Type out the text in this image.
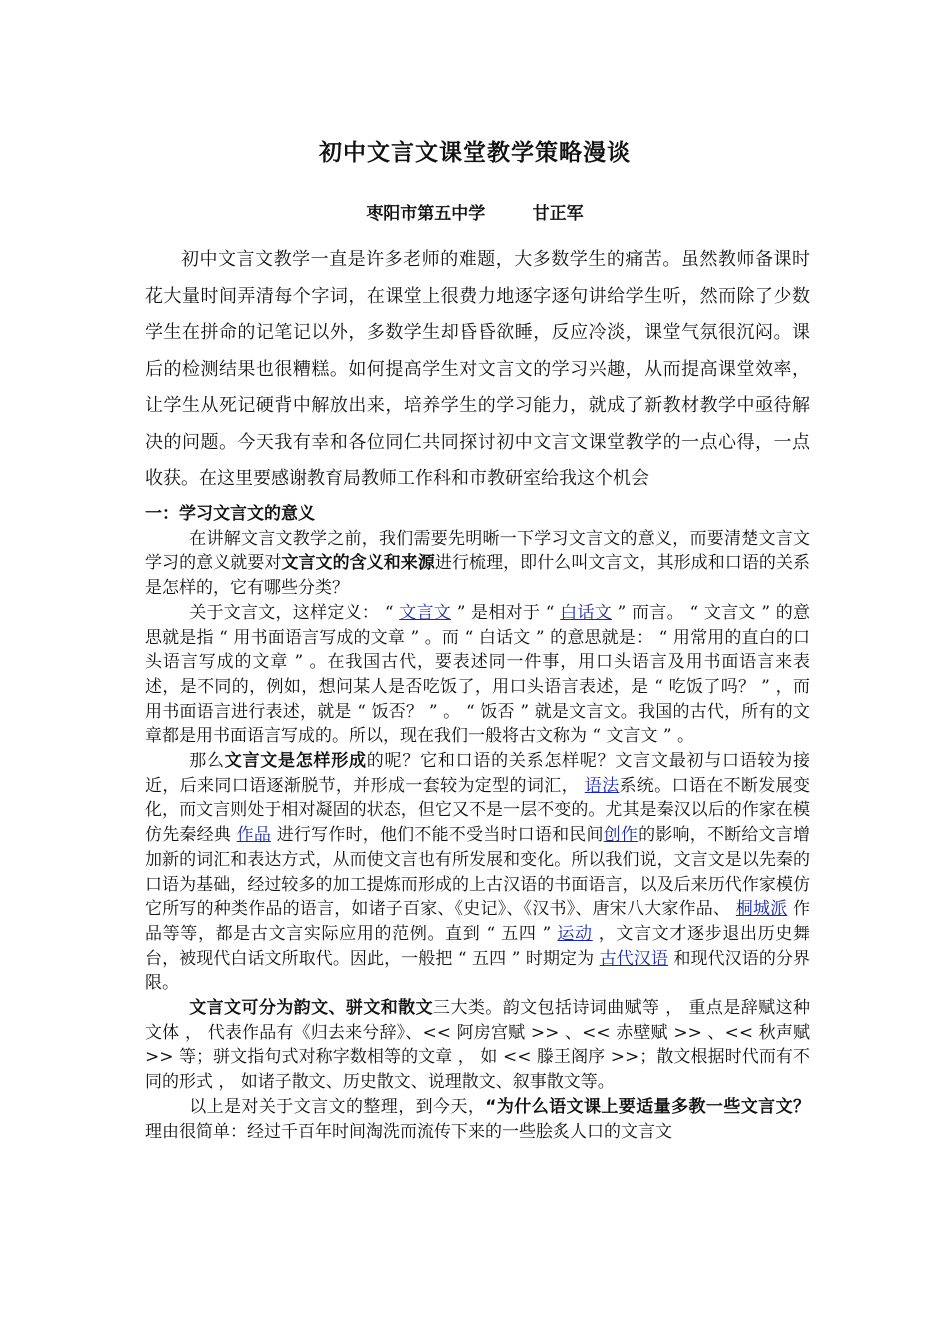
初中文言文课堂教学策略漫谈
枣阳市第五中学        甘正军
初中文言文教学一直是许多老师的难题，大多数学生的痛苦。虽然教师备课时花大量时间弄清每个字词，在课堂上很费力地逐字逐句讲给学生听，然而除了少数学生在拼命的记笔记以外，多数学生却昏昏欲睡，反应冷淡，课堂气氛很沉闷。课后的检测结果也很糟糕。如何提高学生对文言文的学习兴趣，从而提高课堂效率，让学生从死记硬背中解放出来，培养学生的学习能力，就成了新教材教学中亟待解决的问题。今天我有幸和各位同仁共同探讨初中文言文课堂教学的一点心得，一点收获。在这里要感谢教育局教师工作科和市教研室给我这个机会
一：学习文言文的意义
在讲解文言文教学之前，我们需要先明晰一下学习文言文的意义，而要清楚文言文学习的意义就要对文言文的含义和来源进行梳理，即什么叫文言文，其形成和口语的关系是怎样的，它有哪些分类？
关于文言文，这样定义： “ 文言文 ” 是相对于 “ 白话文 ” 而言。 “ 文言文 ” 的意思就是指 “ 用书面语言写成的文章 ” 。而 “ 白话文 ” 的意思就是： “ 用常用的直白的口头语言写成的文章 ” 。在我国古代，要表述同一件事，用口头语言及用书面语言来表述，是不同的，例如，想问某人是否吃饭了，用口头语言表述，是 “ 吃饭了吗？ ” ，而用书面语言进行表述，就是 “ 饭否？ ” 。 “ 饭否 ” 就是文言文。我国的古代，所有的文章都是用书面语言写成的。所以，现在我们一般将古文称为 “ 文言文 ” 。
那么文言文是怎样形成的呢？它和口语的关系怎样呢？文言文最初与口语较为接近，后来同口语逐渐脱节，并形成一套较为定型的词汇， 语法系统。口语在不断发展变化，而文言则处于相对凝固的状态，但它又不是一层不变的。尤其是秦汉以后的作家在模仿先秦经典 作品 进行写作时，他们不能不受当时口语和民间创作的影响，不断给文言增加新的词汇和表达方式，从而使文言也有所发展和变化。所以我们说，文言文是以先秦的口语为基础，经过较多的加工提炼而形成的上古汉语的书面语言，以及后来历代作家模仿它所写的种类作品的语言，如诸子百家、《史记》、《汉书》、唐宋八大家作品、 桐城派 作品等等，都是古文言实际应用的范例。直到 “ 五四 ” 运动 ，文言文才逐步退出历史舞台，被现代白话文所取代。因此，一般把 “ 五四 ” 时期定为 古代汉语 和现代汉语的分界限。
文言文可分为韵文、骈文和散文三大类。韵文包括诗词曲赋等 ， 重点是辞赋这种文体 ， 代表作品有《归去来兮辞》、<< 阿房宫赋 >> 、<< 赤壁赋 >> 、<< 秋声赋 >> 等；骈文指句式对称字数相等的文章 ， 如 << 滕王阁序 >>；散文根据时代而有不同的形式 ， 如诸子散文、历史散文、说理散文、叙事散文等。
以上是对关于文言文的整理，到今天，“为什么语文课上要适量多教一些文言文？理由很简单：经过千百年时间淘洗而流传下来的一些脍炙人口的文言文
